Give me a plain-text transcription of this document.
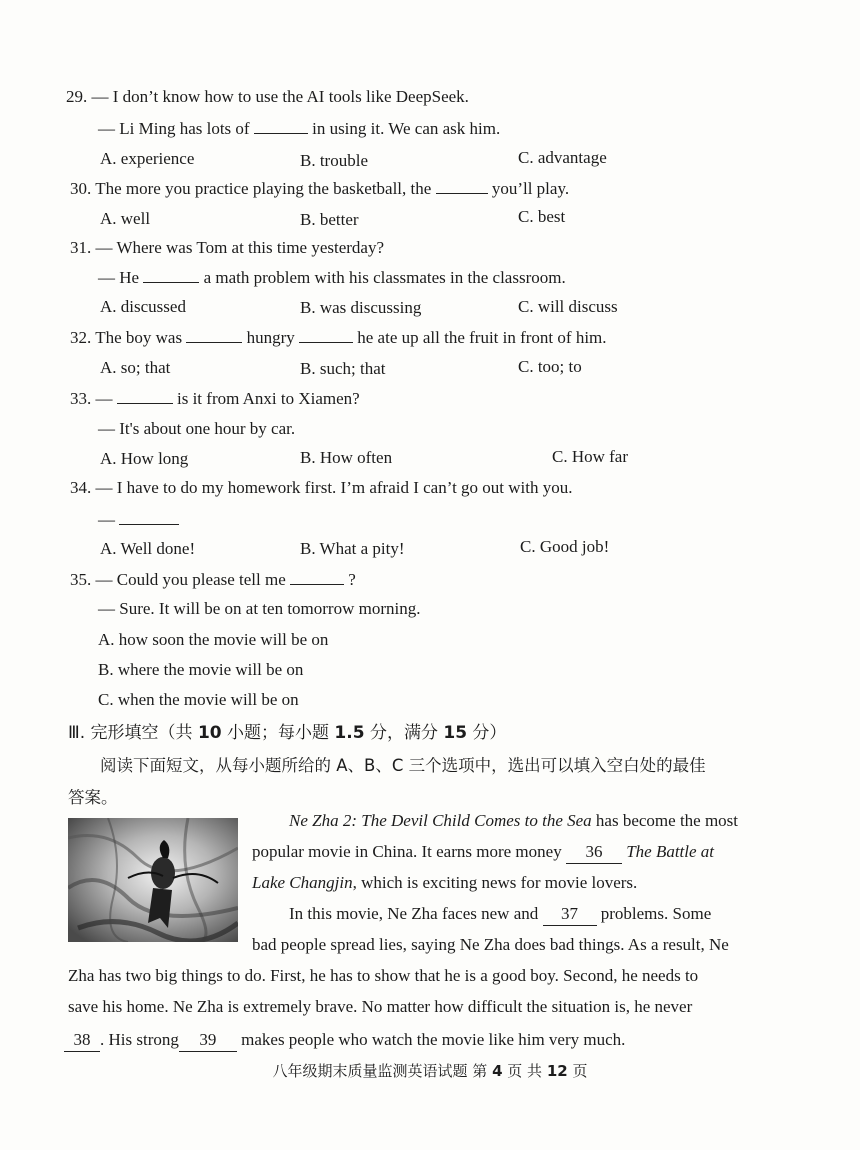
29. — I don’t know how to use the AI tools like DeepSeek.
— Li Ming has lots of	in using it. We can ask him.
A. experience	B. trouble	C. advantage
30. The more you practice playing the basketball, the	you’ll play.
A. well	B. better	C. best
31. — Where was Tom at this time yesterday?
— He	a math problem with his classmates in the classroom.
A. discussed	B. was discussing	C. will discuss
32. The boy was	hungry	he ate up all the fruit in front of him.
A. so; that	B. such; that	C. too; to
33. —	is it from Anxi to Xiamen?
— It's about one hour by car.
A. How long	B. How often	C. How far
34. — I have to do my homework first. I’m afraid I can’t go out with you.
—
A. Well done!	B. What a pity!	C. Good job!
35. — Could you please tell me	?
— Sure. It will be on at ten tomorrow morning.
A. how soon the movie will be on
B. where the movie will be on
C. when the movie will be on
Ⅲ. 完形填空（共 10 小题；每小题 1.5 分，满分 15 分）
阅读下面短文，从每小题所给的 A、B、C 三个选项中，选出可以填入空白处的最佳
答案。
Ne Zha 2: The Devil Child Comes to the Sea has become the most
popular movie in China. It earns more money 36 The Battle at
Lake Changjin, which is exciting news for movie lovers.
In this movie, Ne Zha faces new and 37 problems. Some
bad people spread lies, saying Ne Zha does bad things. As a result, Ne
Zha has two big things to do. First, he has to show that he is a good boy. Second, he needs to
save his home. Ne Zha is extremely brave. No matter how difficult the situation is, he never
38 . His strong 39 makes people who watch the movie like him very much.
八年级期末质量监测英语试题 第 4 页 共 12 页
